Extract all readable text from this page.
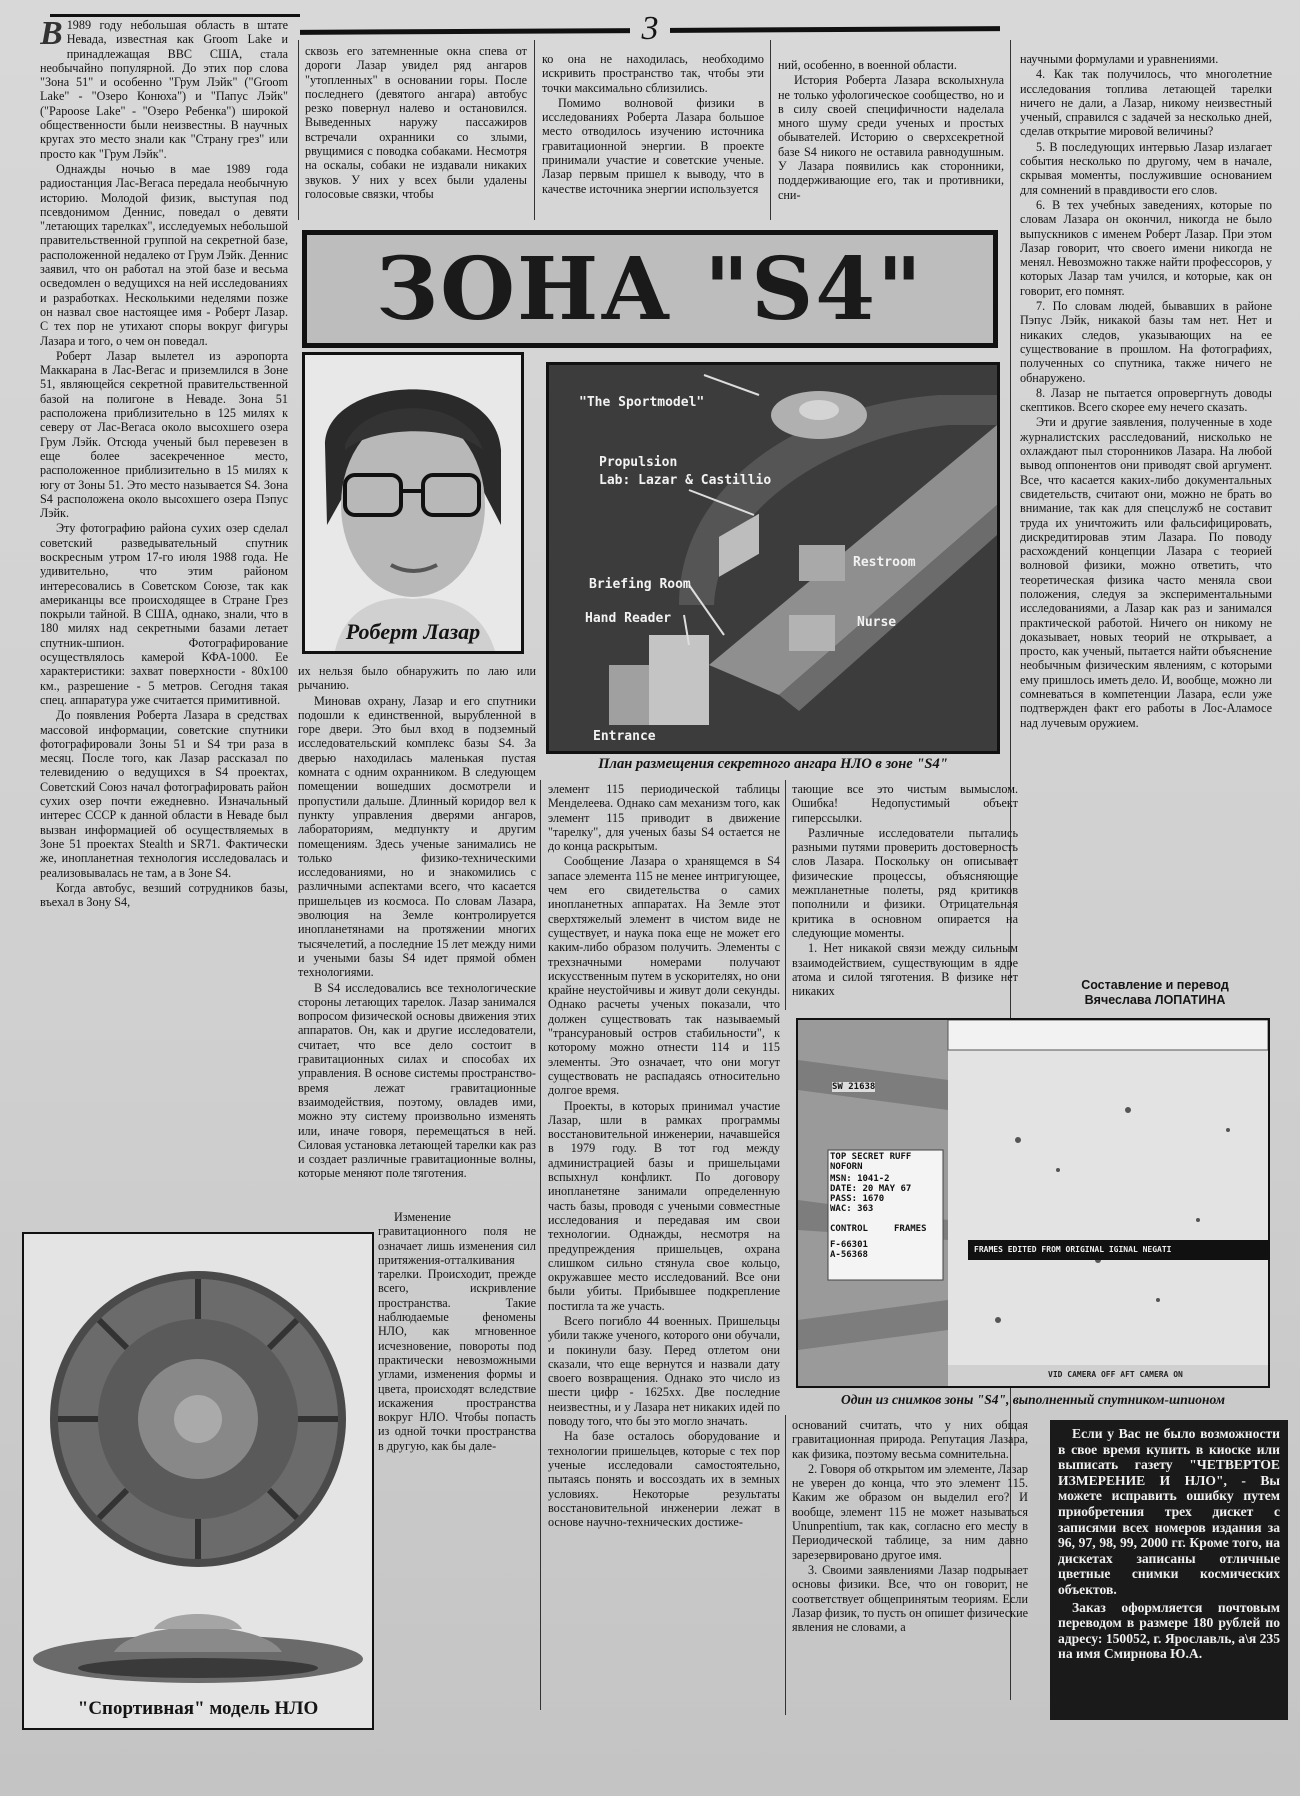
3

В 1989 году небольшая область в штате Невада, известная как Groom Lake и принадлежащая ВВС США, стала необычайно популярной. До этих пор слова "Зона 51" и особенно "Грум Лэйк" ("Groom Lake" - "Озеро Конюха") и "Папус Лэйк" ("Papoose Lake" - "Озеро Ребенка") широкой общественности были неизвестны. В научных кругах это место знали как "Страну грез" или просто как "Грум Лэйк".

Однажды ночью в мае 1989 года радиостанция Лас-Вегаса передала необычную историю. Молодой физик, выступая под псевдонимом Деннис, поведал о девяти "летающих тарелках", исследуемых небольшой правительственной группой на секретной базе, расположенной недалеко от Грум Лэйк. Деннис заявил, что он работал на этой базе и весьма осведомлен о ведущихся на ней исследованиях и разработках. Несколькими неделями позже он назвал свое настоящее имя - Роберт Лазар. С тех пор не утихают споры вокруг фигуры Лазара и того, о чем он поведал.

Роберт Лазар вылетел из аэропорта Маккарана в Лас-Вегас и приземлился в Зоне 51, являющейся секретной правительственной базой на полигоне в Неваде. Зона 51 расположена приблизительно в 125 милях к северу от Лас-Вегаса около высохшего озера Грум Лэйк. Отсюда ученый был перевезен в еще более засекреченное место, расположенное приблизительно в 15 милях к югу от Зоны 51. Это место называется S4. Зона S4 расположена около высохшего озера Пэпус Лэйк.

Эту фотографию района сухих озер сделал советский разведывательный спутник воскресным утром 17-го июля 1988 года. Не удивительно, что этим районом интересовались в Советском Союзе, так как американцы все происходящее в Стране Грез покрыли тайной. В США, однако, знали, что в 180 милях над секретными базами летает спутник-шпион. Фотографирование осуществлялось камерой КФА-1000. Ее характеристики: захват поверхности - 80х100 км., разрешение - 5 метров. Сегодня такая спец. аппаратура уже считается примитивной.

До появления Роберта Лазара в средствах массовой информации, советские спутники фотографировали Зоны 51 и S4 три раза в месяц. После того, как Лазар рассказал по телевидению о ведущихся в S4 проектах, Советский Союз начал фотографировать район сухих озер почти ежедневно. Изначальный интерес СССР к данной области в Неваде был вызван информацией об осуществляемых в Зоне 51 проектах Stealth и SR71. Фактически же, инопланетная технология исследовалась и реализовывалась не там, а в Зоне S4.

Когда автобус, везший сотрудников базы, въехал в Зону S4,

сквозь его затемненные окна спева от дороги Лазар увидел ряд ангаров "утопленных" в основании горы. После последнего (девятого ангара) автобус резко повернул налево и остановился. Выведенных наружу пассажиров встречали охранники со злыми, рвущимися с поводка собаками. Несмотря на оскалы, собаки не издавали никаких звуков. У них у всех были удалены голосовые связки, чтобы

ко она не находилась, необходимо искривить пространство так, чтобы эти точки максимально сблизились.

Помимо волновой физики в исследованиях Роберта Лазара большое место отводилось изучению источника гравитационной энергии. В проекте принимали участие и советские ученые. Лазар первым пришел к выводу, что в качестве источника энергии используется

ний, особенно, в военной области.

История Роберта Лазара всколыхнула не только уфологическое сообщество, но и в силу своей специфичности наделала много шуму среди ученых и простых обывателей. Историю о сверхсекретной базе S4 никого не оставила равнодушным. У Лазара появились как сторонники, поддерживающие его, так и противники, сни-

ЗОНА "S4"
Роберт Лазар
"The Sportmodel"
Propulsion
Lab: Lazar & Castillio
Restroom
Briefing Room
Hand Reader	Nurse
Entrance
План размещения секретного ангара НЛО в зоне "S4"

их нельзя было обнаружить по лаю или рычанию.

Миновав охрану, Лазар и его спутники подошли к единственной, вырубленной в горе двери. Это был вход в подземный исследовательский комплекс базы S4. За дверью находилась маленькая пустая комната с одним охранником. В следующем помещении вошедших досмотрели и пропустили дальше. Длинный коридор вел к пункту управления дверями ангаров, лабораториям, медпункту и другим помещениям. Здесь ученые занимались не только физико-техническими исследованиями, но и знакомились с различными аспектами всего, что касается пришельцев из космоса. По словам Лазара, эволюция на Земле контролируется инопланетянами на протяжении многих тысячелетий, а последние 15 лет между ними и учеными базы S4 идет прямой обмен технологиями.

В S4 исследовались все технологические стороны летающих тарелок. Лазар занимался вопросом физической основы движения этих аппаратов. Он, как и другие исследователи, считает, что все дело состоит в гравитационных силах и способах их управления. В основе системы пространство-время лежат гравитационные взаимодействия, поэтому, овладев ими, можно эту систему произвольно изменять или, иначе говоря, перемещаться в ней. Силовая установка летающей тарелки как раз и создает различные гравитационные волны, которые меняют поле тяготения.

Изменение гравитационного поля не означает лишь изменения сил притяжения-отталкивания тарелки. Происходит, прежде всего, искривление пространства. Такие наблюдаемые феномены НЛО, как мгновенное исчезновение, повороты под практически невозможными углами, изменения формы и цвета, происходят вследствие искажения пространства вокруг НЛО. Чтобы попасть из одной точки пространства в другую, как бы дале-

элемент 115 периодической таблицы Менделеева. Однако сам механизм того, как элемент 115 приводит в движение "тарелку", для ученых базы S4 остается не до конца раскрытым.

Сообщение Лазара о хранящемся в S4 запасе элемента 115 не менее интригующее, чем его свидетельства о самих инопланетных аппаратах. На Земле этот сверхтяжелый элемент в чистом виде не существует, и наука пока еще не может его каким-либо образом получить. Элементы с трехзначными номерами получают искусственным путем в ускорителях, но они крайне неустойчивы и живут доли секунды. Однако расчеты ученых показали, что должен существовать так называемый "трансурановый остров стабильности", к которому можно отнести 114 и 115 элементы. Это означает, что они могут существовать не распадаясь относительно долгое время.

Проекты, в которых принимал участие Лазар, шли в рамках программы восстановительной инженерии, начавшейся в 1979 году. В тот год между администрацией базы и пришельцами вспыхнул конфликт. По договору инопланетяне занимали определенную часть базы, проводя с учеными совместные исследования и передавая им свои технологии. Однажды, несмотря на предупреждения пришельцев, охрана слишком сильно стянула свое кольцо, окружавшее место исследований. Все они были убиты. Прибывшее подкрепление постигла та же участь.

Всего погибло 44 военных. Пришельцы убили также ученого, которого они обучали, и покинули базу. Перед отлетом они сказали, что еще вернутся и назвали дату своего возвращения. Однако это число из шести цифр - 1625хх. Две последние неизвестны, и у Лазара нет никаких идей по поводу того, что бы это могло значать.

На базе осталось оборудование и технологии пришельцев, которые с тех пор ученые исследовали самостоятельно, пытаясь понять и воссоздать их в земных условиях. Некоторые результаты восстановительной инженерии лежат в основе научно-технических достиже-

тающие все это чистым вымыслом. Ошибка! Недопустимый объект гиперссылки.

Различные исследователи пытались разными путями проверить достоверность слов Лазара. Поскольку он описывает физические процессы, объясняющие межпланетные полеты, ряд критиков пополнили и физики. Отрицательная критика в основном опирается на следующие моменты.

1. Нет никакой связи между сильным взаимодействием, существующим в ядре атома и силой тяготения. В физике нет никаких

SW 21638
TOP SECRET RUFF
NOFORN
MSN: 1041-2
DATE: 20 MAY 67
PASS: 1670
WAC: 363
CONTROL	FRAMES
F-66301
A-56368
FRAMES EDITED FROM ORIGINAL IGINAL NEGATI
VID CAMERA OFF AFT CAMERA ON
Один из снимков зоны "S4", выполненный спутником-шпионом

оснований считать, что у них общая гравитационная природа. Репутация Лазара, как физика, поэтому весьма сомнительна.

2. Говоря об открытом им элементе, Лазар не уверен до конца, что это элемент 115. Каким же образом он выделил его? И вообще, элемент 115 не может называться Ununpentium, так как, согласно его месту в Периодической таблице, за ним давно зарезервировано другое имя.

3. Своими заявлениями Лазар подрывает основы физики. Все, что он говорит, не соответствует общепринятым теориям. Если Лазар физик, то пусть он опишет физические явления не словами, а

научными формулами и уравнениями.

4. Как так получилось, что многолетние исследования топлива летающей тарелки ничего не дали, а Лазар, никому неизвестный ученый, справился с задачей за несколько дней, сделав открытие мировой величины?

5. В последующих интервью Лазар излагает события несколько по другому, чем в начале, скрывая моменты, послужившие основанием для сомнений в правдивости его слов.

6. В тех учебных заведениях, которые по словам Лазара он окончил, никогда не было выпускников с именем Роберт Лазар. При этом Лазар говорит, что своего имени никогда не менял. Невозможно также найти профессоров, у которых Лазар там учился, и которые, как он говорит, его помнят.

7. По словам людей, бывавших в районе Пэпус Лэйк, никакой базы там нет. Нет и никаких следов, указывающих на ее существование в прошлом. На фотографиях, полученных со спутника, также ничего не обнаружено.

8. Лазар не пытается опровергнуть доводы скептиков. Всего скорее ему нечего сказать.

Эти и другие заявления, полученные в ходе журналистских расследований, нисколько не охлаждают пыл сторонников Лазара. На любой вывод оппонентов они приводят свой аргумент. Все, что касается каких-либо документальных свидетельств, считают они, можно не брать во внимание, так как для спецслужб не составит труда их уничтожить или фальсифицировать, дискредитировав этим Лазара. По поводу расхождений концепции Лазара с теорией волновой физики, можно ответить, что теоретическая физика часто меняла свои положения, следуя за экспериментальными исследованиями, а Лазар как раз и занимался практической работой. Ничего он никому не доказывает, новых теорий не открывает, а просто, как ученый, пытается найти объяснение необычным физическим явлениям, с которыми ему пришлось иметь дело. И, вообще, можно ли сомневаться в компетенции Лазара, если уже подтвержден факт его работы в Лос-Аламосе над лучевым оружием.

Составление и перевод
Вячеслава ЛОПАТИНА
"Спортивная" модель НЛО

Если у Вас не было возможности в свое время купить в киоске или выписать газету "ЧЕТВЕРТОЕ ИЗМЕРЕНИЕ И НЛО", - Вы можете исправить ошибку путем приобретения трех дискет с записями всех номеров издания за 96, 97, 98, 99, 2000 гг. Кроме того, на дискетах записаны отличные цветные снимки космических объектов.

Заказ оформляется почтовым переводом в размере 180 рублей по адресу: 150052, г. Ярославль, а\я 235 на имя Смирнова Ю.А.
